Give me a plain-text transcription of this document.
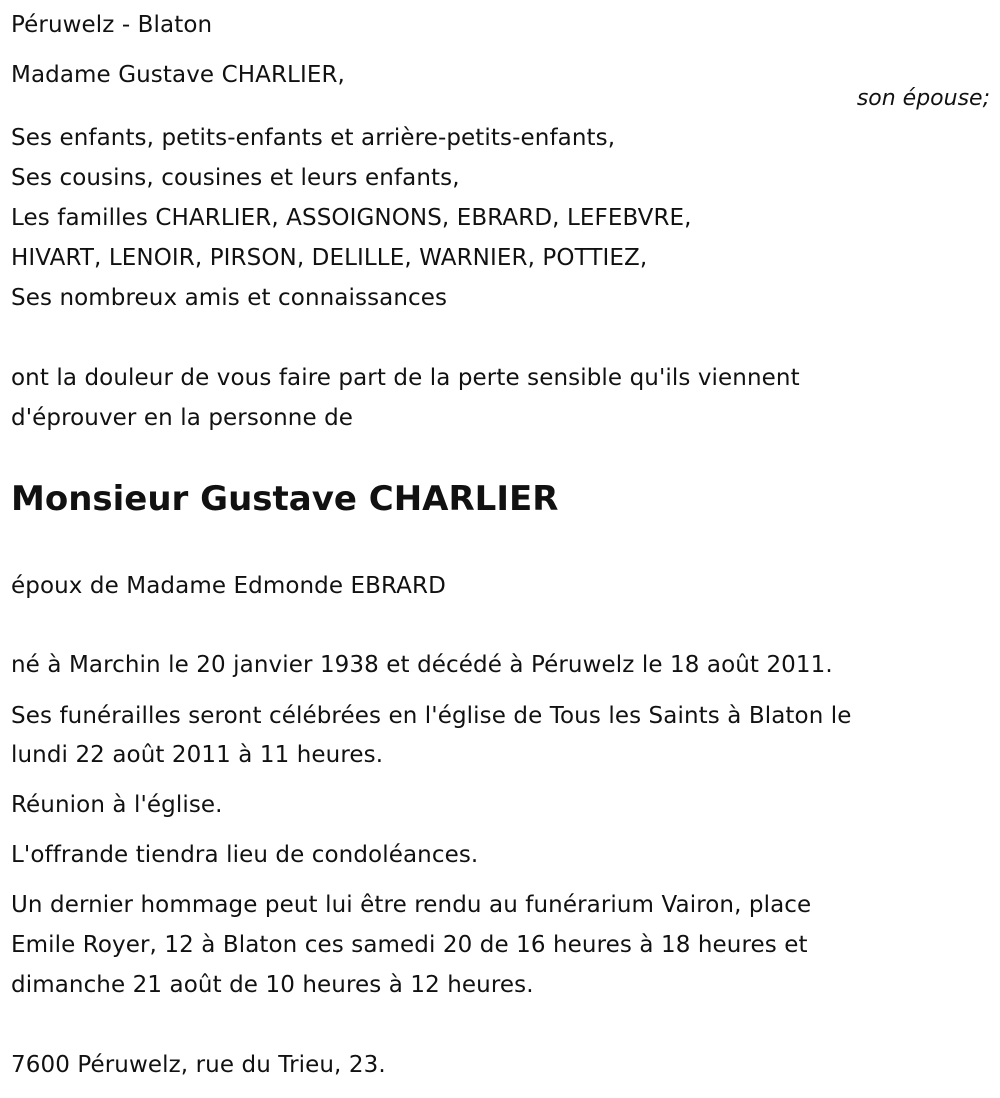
Péruwelz - Blaton
Madame Gustave CHARLIER,
son épouse;
Ses enfants, petits-enfants et arrière-petits-enfants,
Ses cousins, cousines et leurs enfants,
Les familles CHARLIER, ASSOIGNONS, EBRARD, LEFEBVRE,
HIVART, LENOIR, PIRSON, DELILLE, WARNIER, POTTIEZ,
Ses nombreux amis et connaissances
ont la douleur de vous faire part de la perte sensible qu'ils viennent
d'éprouver en la personne de
Monsieur Gustave CHARLIER
époux de Madame Edmonde EBRARD
né à Marchin le 20 janvier 1938 et décédé à Péruwelz le 18 août 2011.
Ses funérailles seront célébrées en l'église de Tous les Saints à Blaton le
lundi 22 août 2011 à 11 heures.
Réunion à l'église.
L'offrande tiendra lieu de condoléances.
Un dernier hommage peut lui être rendu au funérarium Vairon, place
Emile Royer, 12 à Blaton ces samedi 20 de 16 heures à 18 heures et
dimanche 21 août de 10 heures à 12 heures.
7600 Péruwelz, rue du Trieu, 23.
